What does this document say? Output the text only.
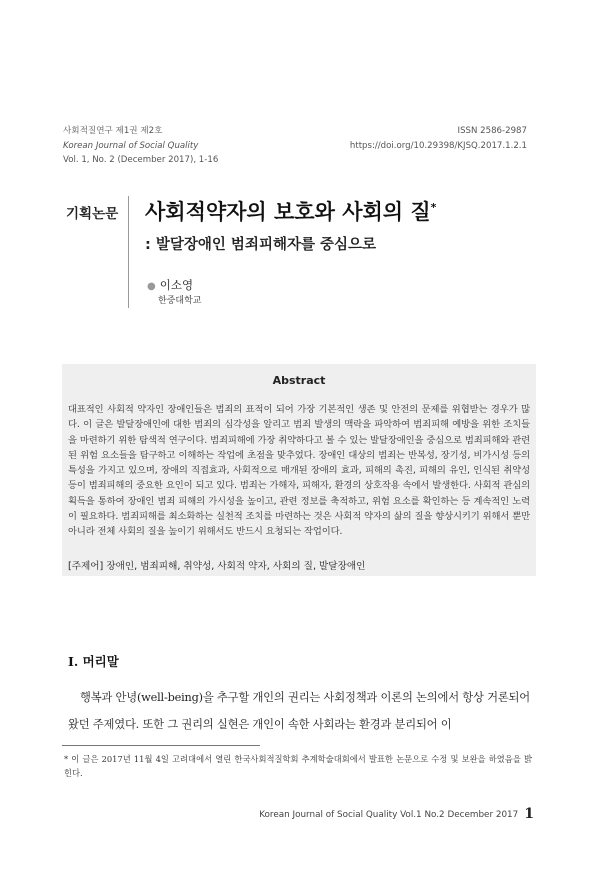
사회적질연구 제1권 제2호
Korean Journal of Social Quality
Vol. 1, No. 2 (December 2017), 1-16
ISSN 2586-2987
https://doi.org/10.29398/KJSQ.2017.1.2.1
기획논문 사회적약자의 보호와 사회의 질*
: 발달장애인 범죄피해자를 중심으로
● 이소영
한중대학교
Abstract
대표적인 사회적 약자인 장애인들은 범죄의 표적이 되어 가장 기본적인 생존 및 안전의 문제를 위협받는 경우가 많다. 이 글은 발달장애인에 대한 범죄의 심각성을 알리고 범죄 발생의 맥락을 파악하여 범죄피해 예방을 위한 조치들을 마련하기 위한 탐색적 연구이다. 범죄피해에 가장 취약하다고 볼 수 있는 발달장애인을 중심으로 범죄피해와 관련된 위험 요소들을 탐구하고 이해하는 작업에 초점을 맞추었다. 장애인 대상의 범죄는 반복성, 장기성, 비가시성 등의 특성을 가지고 있으며, 장애의 직접효과, 사회적으로 매개된 장애의 효과, 피해의 촉진, 피해의 유인, 인식된 취약성 등이 범죄피해의 중요한 요인이 되고 있다. 범죄는 가해자, 피해자, 환경의 상호작용 속에서 발생한다. 사회적 관심의 획득을 통하여 장애인 범죄 피해의 가시성을 높이고, 관련 정보를 축적하고, 위험 요소를 확인하는 등 계속적인 노력이 필요하다. 범죄피해를 최소화하는 실천적 조치를 마련하는 것은 사회적 약자의 삶의 질을 향상시키기 위해서 뿐만 아니라 전체 사회의 질을 높이기 위해서도 반드시 요청되는 작업이다.
[주제어] 장애인, 범죄피해, 취약성, 사회적 약자, 사회의 질, 발달장애인
Ⅰ. 머리말
행복과 안녕(well-being)을 추구할 개인의 권리는 사회정책과 이론의 논의에서 항상 거론되어 왔던 주제였다. 또한 그 권리의 실현은 개인이 속한 사회라는 환경과 분리되어 이
* 이 글은 2017년 11월 4일 고려대에서 열린 한국사회적질학회 추계학술대회에서 발표한 논문으로 수정 및 보완을 하였음을 밝힌다.
Korean Journal of Social Quality Vol.1 No.2 December 2017 1
